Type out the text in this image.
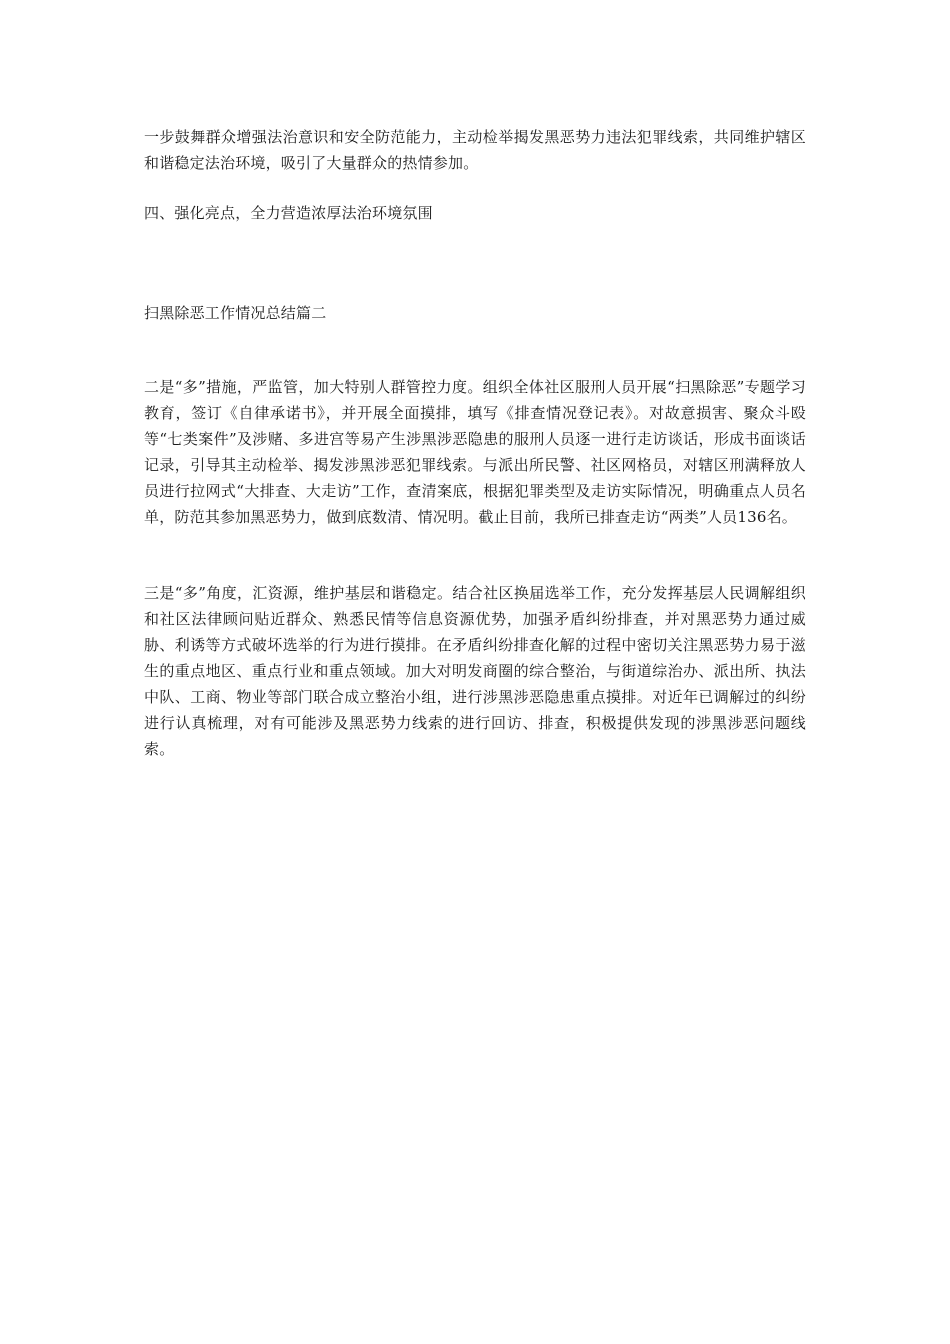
一步鼓舞群众增强法治意识和安全防范能力，主动检举揭发黑恶势力违法犯罪线索，共同维护辖区和谐稳定法治环境，吸引了大量群众的热情参加。

四、强化亮点，全力营造浓厚法治环境氛围

扫黑除恶工作情况总结篇二

二是“多”措施，严监管，加大特别人群管控力度。组织全体社区服刑人员开展“扫黑除恶”专题学习教育，签订《自律承诺书》，并开展全面摸排，填写《排查情况登记表》。对故意损害、聚众斗殴等“七类案件”及涉赌、多进宫等易产生涉黑涉恶隐患的服刑人员逐一进行走访谈话，形成书面谈话记录，引导其主动检举、揭发涉黑涉恶犯罪线索。与派出所民警、社区网格员，对辖区刑满释放人员进行拉网式“大排查、大走访”工作，查清案底，根据犯罪类型及走访实际情况，明确重点人员名单，防范其参加黑恶势力，做到底数清、情况明。截止目前，我所已排查走访“两类”人员136名。

三是“多”角度，汇资源，维护基层和谐稳定。结合社区换届选举工作，充分发挥基层人民调解组织和社区法律顾问贴近群众、熟悉民情等信息资源优势，加强矛盾纠纷排查，并对黑恶势力通过威胁、利诱等方式破坏选举的行为进行摸排。在矛盾纠纷排查化解的过程中密切关注黑恶势力易于滋生的重点地区、重点行业和重点领域。加大对明发商圈的综合整治，与街道综治办、派出所、执法中队、工商、物业等部门联合成立整治小组，进行涉黑涉恶隐患重点摸排。对近年已调解过的纠纷进行认真梳理，对有可能涉及黑恶势力线索的进行回访、排查，积极提供发现的涉黑涉恶问题线索。
